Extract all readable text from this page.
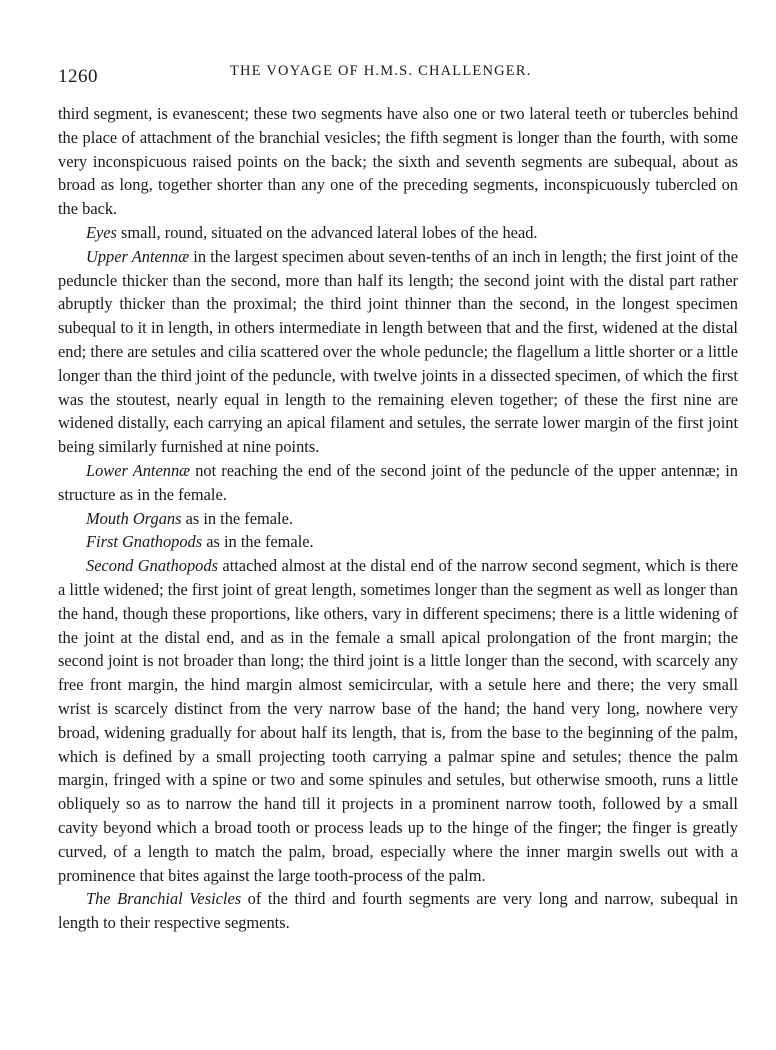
1260	THE VOYAGE OF H.M.S. CHALLENGER.

third segment, is evanescent; these two segments have also one or two lateral teeth or tubercles behind the place of attachment of the branchial vesicles; the fifth segment is longer than the fourth, with some very inconspicuous raised points on the back; the sixth and seventh segments are subequal, about as broad as long, together shorter than any one of the preceding segments, inconspicuously tubercled on the back.

Eyes small, round, situated on the advanced lateral lobes of the head.

Upper Antennæ in the largest specimen about seven-tenths of an inch in length; the first joint of the peduncle thicker than the second, more than half its length; the second joint with the distal part rather abruptly thicker than the proximal; the third joint thinner than the second, in the longest specimen subequal to it in length, in others intermediate in length between that and the first, widened at the distal end; there are setules and cilia scattered over the whole peduncle; the flagellum a little shorter or a little longer than the third joint of the peduncle, with twelve joints in a dissected specimen, of which the first was the stoutest, nearly equal in length to the remaining eleven together; of these the first nine are widened distally, each carrying an apical filament and setules, the serrate lower margin of the first joint being similarly furnished at nine points.

Lower Antennæ not reaching the end of the second joint of the peduncle of the upper antennæ; in structure as in the female.

Mouth Organs as in the female.

First Gnathopods as in the female.

Second Gnathopods attached almost at the distal end of the narrow second segment, which is there a little widened; the first joint of great length, sometimes longer than the segment as well as longer than the hand, though these proportions, like others, vary in different specimens; there is a little widening of the joint at the distal end, and as in the female a small apical prolongation of the front margin; the second joint is not broader than long; the third joint is a little longer than the second, with scarcely any free front margin, the hind margin almost semicircular, with a setule here and there; the very small wrist is scarcely distinct from the very narrow base of the hand; the hand very long, nowhere very broad, widening gradually for about half its length, that is, from the base to the beginning of the palm, which is defined by a small projecting tooth carrying a palmar spine and setules; thence the palm margin, fringed with a spine or two and some spinules and setules, but otherwise smooth, runs a little obliquely so as to narrow the hand till it projects in a prominent narrow tooth, followed by a small cavity beyond which a broad tooth or process leads up to the hinge of the finger; the finger is greatly curved, of a length to match the palm, broad, especially where the inner margin swells out with a prominence that bites against the large tooth-process of the palm.

The Branchial Vesicles of the third and fourth segments are very long and narrow, subequal in length to their respective segments.
